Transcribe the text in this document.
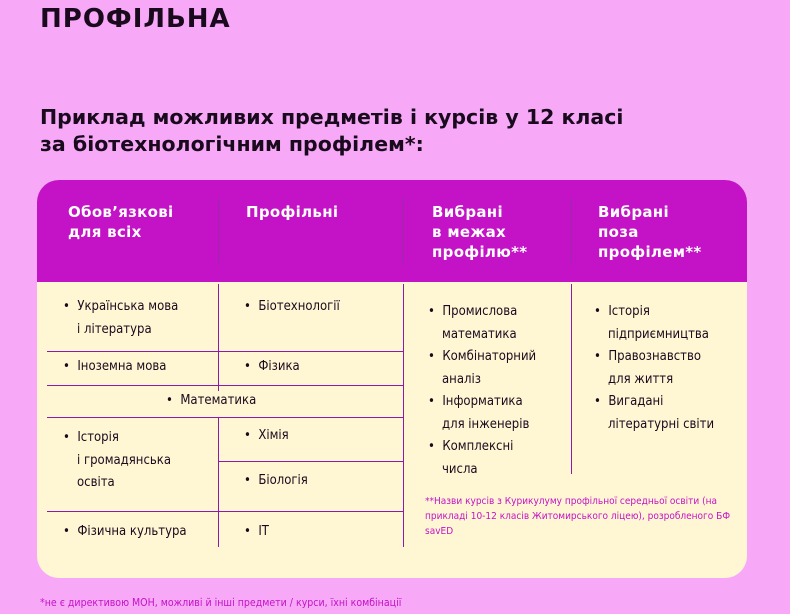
ПРОФІЛЬНА
Приклад можливих предметів і курсів у 12 класі
за біотехнологічним профілем*:
Обов’язкові
для всіх
Профільні	Вибрані
в межах
профілю**
Вибрані
поза
профілем**
• Українська мова
і література
• Іноземна мова
• Математика
• Історія
і громадянська
освіта
• Фізична культура
• Біотехнології
• Фізика
• Хімія
• Біологія
• ІТ
• Промислова
математика
• Комбінаторний
аналіз
• Інформатика
для інженерів
• Комплексні
числа
• Історія
підприємництва
• Правознавство
для життя
• Вигадані
літературні світи
**Назви курсів з Курикулуму профільної середньої освіти (на прикладі 10-12 класів Житомирського ліцею), розробленого БФ savED
*не є директивою МОН, можливі й інші предмети / курси, їхні комбінації
